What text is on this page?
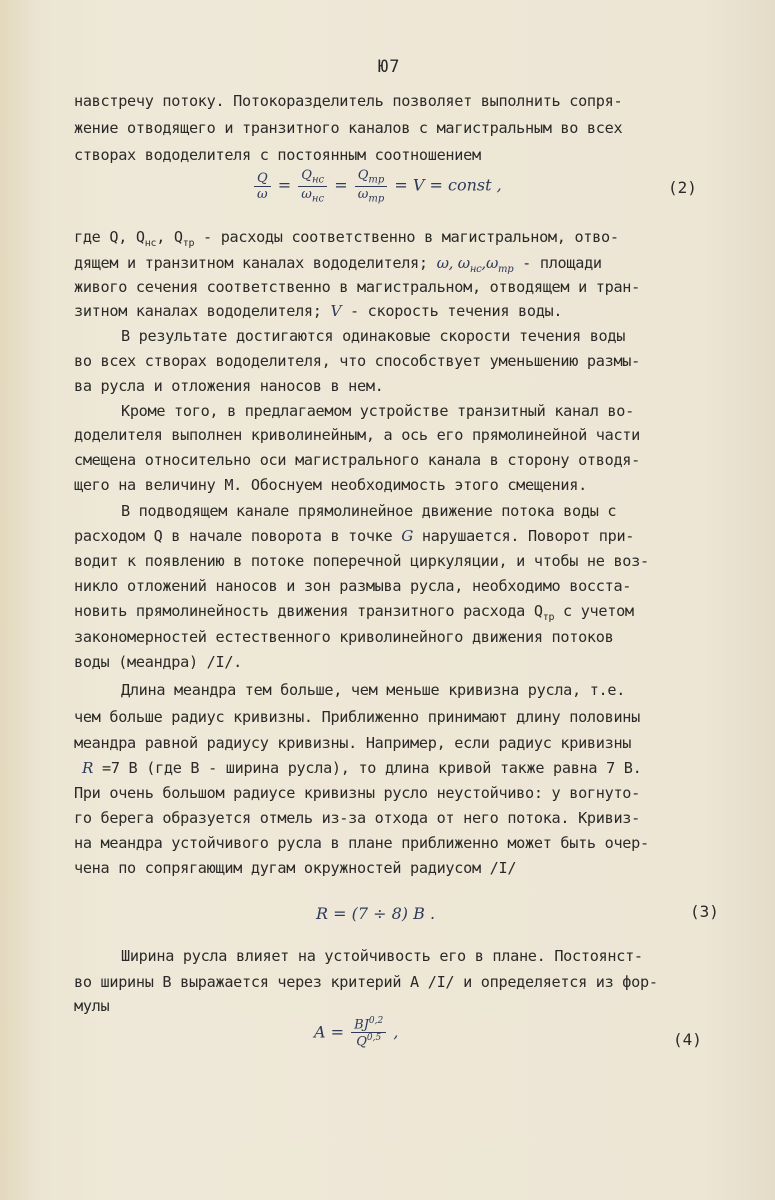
Ю7
навстречу потоку. Потокоразделитель позволяет выполнить сопря-
жение отводящего и транзитного каналов с магистральным во всех
створах вододелителя с постоянным соотношением
$\frac{Q}{\omega} = \frac{Q_{нс}}{\omega_{нс}} = \frac{Q_{тр}}{\omega_{тр}} = V$ = const ,	(2)
где Q, $Q_{нс}$, $Q_{тр}$ - расходы соответственно в магистральном, отво-
дящем и транзитном каналах вододелителя; ω, $\omega_{нс},\omega_{тр}$ - площади
живого сечения соответственно в магистральном, отводящем и тран-
зитном каналах вододелителя; V - скорость течения воды.
В результате достигаются одинаковые скорости течения воды
во всех створах вододелителя, что способствует уменьшению размы-
ва русла и отложения наносов в нем.
Кроме того, в предлагаемом устройстве транзитный канал во-
доделителя выполнен криволинейным, а ось его прямолинейной части
смещена относительно оси магистрального канала в сторону отводя-
щего на величину М. Обоснуем необходимость этого смещения.
В подводящем канале прямолинейное движение потока воды с
расходом Q в начале поворота в точке G нарушается. Поворот при-
водит к появлению в потоке поперечной циркуляции, и чтобы не воз-
никло отложений наносов и зон размыва русла, необходимо восста-
новить прямолинейность движения транзитного расхода $Q_{тр}$ с учетом
закономерностей естественного криволинейного движения потоков
воды (меандра) /I/.
Длина меандра тем больше, чем меньше кривизна русла, т.е.
чем больше радиус кривизны. Приближенно принимают длину половины
меандра равной радиусу кривизны. Например, если радиус кривизны
R =7 В (где В - ширина русла), то длина кривой также равна 7 В.
При очень большом радиусе кривизны русло неустойчиво: у вогнуто-
го берега образуется отмель из-за отхода от него потока. Кривиз-
на меандра устойчивого русла в плане приближенно может быть очер-
чена по сопрягающим дугам окружностей радиусом /I/
R = (7 ÷ 8) B .	(3)
Ширина русла влияет на устойчивость его в плане. Постоянст-
во ширины В выражается через критерий А /I/ и определяется из фор-
мулы
$A = \frac{BJ^{0,2}}{Q^{0,5}}$ ,	(4)
